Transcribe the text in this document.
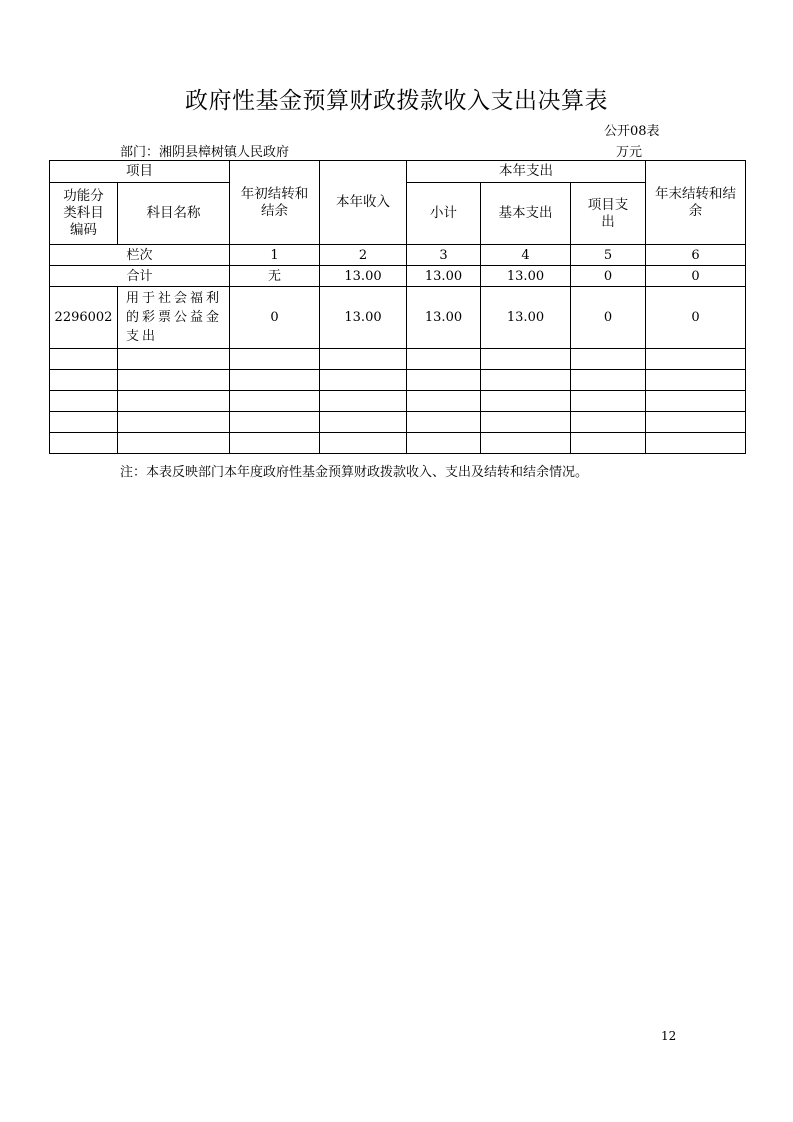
政府性基金预算财政拨款收入支出决算表
公开08表
部门：湘阴县樟树镇人民政府	万元
项目		年初结转和结余	本年收入	本年支出			年末结转和结余

功能分类科目编码	科目名称			小计	基本支出	项目支出	

栏次		1	2	3	4	5	6
合计		无	13.00	13.00	13.00	0	0
2296002	用于社会福利的彩票公益金支出	0	13.00	13.00	13.00	0	0

注：本表反映部门本年度政府性基金预算财政拨款收入、支出及结转和结余情况。
12
